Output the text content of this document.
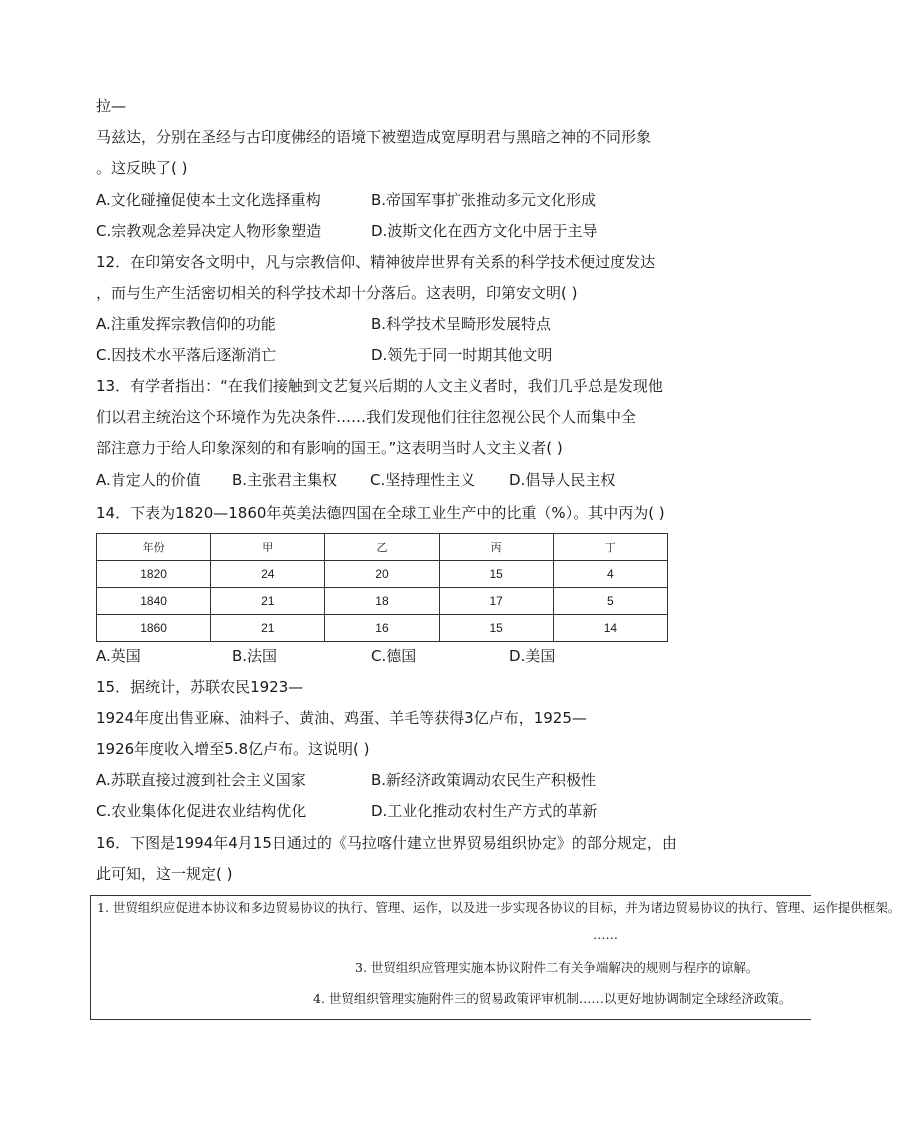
拉—
马兹达，分别在圣经与古印度佛经的语境下被塑造成宽厚明君与黑暗之神的不同形象
。这反映了( )
A.文化碰撞促使本土文化选择重构	B.帝国军事扩张推动多元文化形成
C.宗教观念差异决定人物形象塑造	D.波斯文化在西方文化中居于主导
12．在印第安各文明中，凡与宗教信仰、精神彼岸世界有关系的科学技术便过度发达
，而与生产生活密切相关的科学技术却十分落后。这表明，印第安文明( )
A.注重发挥宗教信仰的功能	B.科学技术呈畸形发展特点
C.因技术水平落后逐渐消亡	D.领先于同一时期其他文明
13．有学者指出：“在我们接触到文艺复兴后期的人文主义者时，我们几乎总是发现他
们以君主统治这个环境作为先决条件……我们发现他们往往忽视公民个人而集中全
部注意力于给人印象深刻的和有影响的国王。”这表明当时人文主义者( )
A.肯定人的价值 B.主张君主集权 C.坚持理性主义 D.倡导人民主权
14．下表为1820—1860年英美法德四国在全球工业生产中的比重（%）。其中丙为( )
年份	甲	乙	丙	丁
1820	24	20	15	4
1840	21	18	17	5
1860	21	16	15	14
A.英国	B.法国	C.德国	D.美国
15．据统计，苏联农民1923—
1924年度出售亚麻、油料子、黄油、鸡蛋、羊毛等获得3亿卢布，1925—
1926年度收入增至5.8亿卢布。这说明( )
A.苏联直接过渡到社会主义国家	B.新经济政策调动农民生产积极性
C.农业集体化促进农业结构优化	D.工业化推动农村生产方式的革新
16．下图是1994年4月15日通过的《马拉喀什建立世界贸易组织协定》的部分规定，由
此可知，这一规定( )
1. 世贸组织应促进本协议和多边贸易协议的执行、管理、运作，以及进一步实现各协议的目标，并为诸边贸易协议的执行、管理、运作提供框架。
……
3. 世贸组织应管理实施本协议附件二有关争端解决的规则与程序的谅解。
4. 世贸组织管理实施附件三的贸易政策评审机制……以更好地协调制定全球经济政策。
